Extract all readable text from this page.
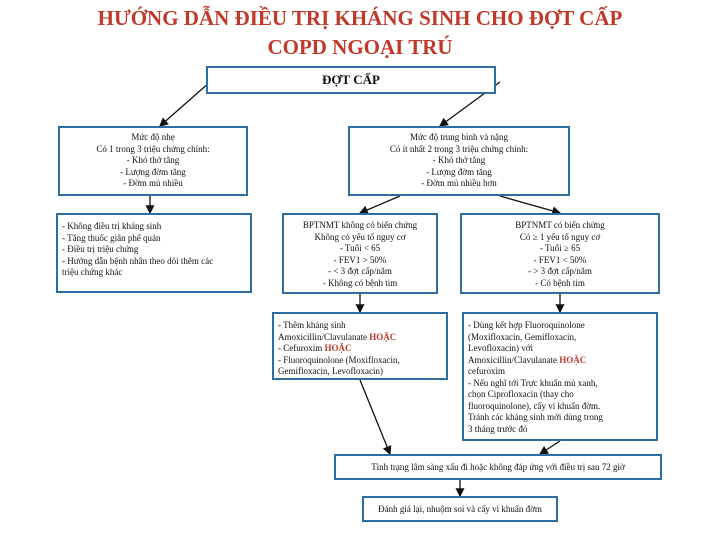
HƯỚNG DẪN ĐIỀU TRỊ KHÁNG SINH CHO ĐỢT CẤP
COPD NGOẠI TRÚ
ĐỢT CẤP
Mức độ nhẹ
Có 1 trong 3 triệu chứng chính:
- Khó thở tăng
- Lượng đờm tăng
- Đờm mủ nhiều
Mức độ trung bình và nặng
Có ít nhất 2 trong 3 triệu chứng chính:
- Khó thở tăng
- Lượng đờm tăng
- Đờm mủ nhiều hơn
- Không điều trị kháng sinh
- Tăng thuốc giãn phế quản
- Điều trị triệu chứng
- Hướng dẫn bệnh nhân theo dõi thêm các
triệu chứng khác
BPTNMT không có biến chứng
Không có yếu tố nguy cơ
- Tuổi < 65
- FEV1 > 50%
- < 3 đợt cấp/năm
- Không có bệnh tim
BPTNMT có biến chứng
Có ≥ 1 yếu tố nguy cơ
- Tuổi ≥ 65
- FEV1 < 50%
- > 3 đợt cấp/năm
- Có bệnh tim
- Thêm kháng sinh
Amoxicillin/Clavulanate HOẶC
- Cefuroxim HOẶC
- Fluoroquinolone (Moxifloxacin,
Gemifloxacin, Levofloxacin)
- Dùng kết hợp Fluoroquinolone
(Moxifloxacin, Gemifloxacin,
Levofloxacin) với
Amoxicillin/Clavulanate HOẶC
cefuroxim
- Nếu nghĩ tới Trực khuẩn mủ xanh,
chọn Ciprofloxacin (thay cho
fluoroquinolone), cấy vi khuẩn đờm.
Tránh các kháng sinh mới dùng trong
3 tháng trước đó
Tình trạng lâm sàng xấu đi hoặc không đáp ứng với điều trị sau 72 giờ
Đánh giá lại, nhuộm soi và cấy vi khuẩn đờm
